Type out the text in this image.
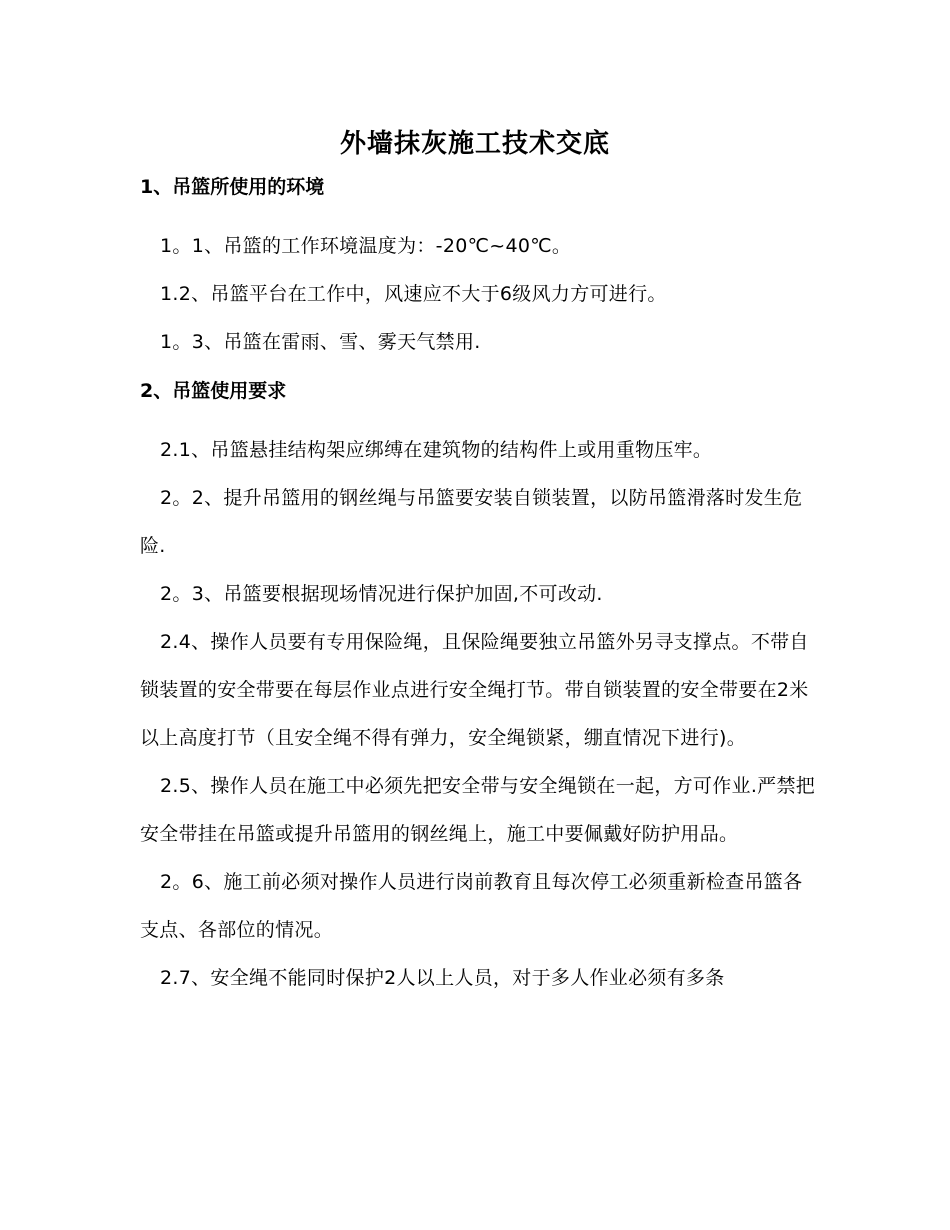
外墙抹灰施工技术交底
1、吊篮所使用的环境

1。1、吊篮的工作环境温度为：-20℃~40℃。

1.2、吊篮平台在工作中，风速应不大于6级风力方可进行。

1。3、吊篮在雷雨、雪、雾天气禁用.

2、吊篮使用要求

2.1、吊篮悬挂结构架应绑缚在建筑物的结构件上或用重物压牢。

2。2、提升吊篮用的钢丝绳与吊篮要安装自锁装置，以防吊篮滑落时发生危险.

2。3、吊篮要根据现场情况进行保护加固,不可改动.

2.4、操作人员要有专用保险绳，且保险绳要独立吊篮外另寻支撑点。不带自锁装置的安全带要在每层作业点进行安全绳打节。带自锁装置的安全带要在2米以上高度打节（且安全绳不得有弹力，安全绳锁紧，绷直情况下进行)。

2.5、操作人员在施工中必须先把安全带与安全绳锁在一起，方可作业.严禁把安全带挂在吊篮或提升吊篮用的钢丝绳上，施工中要佩戴好防护用品。

2。6、施工前必须对操作人员进行岗前教育且每次停工必须重新检查吊篮各支点、各部位的情况。

2.7、安全绳不能同时保护2人以上人员，对于多人作业必须有多条
